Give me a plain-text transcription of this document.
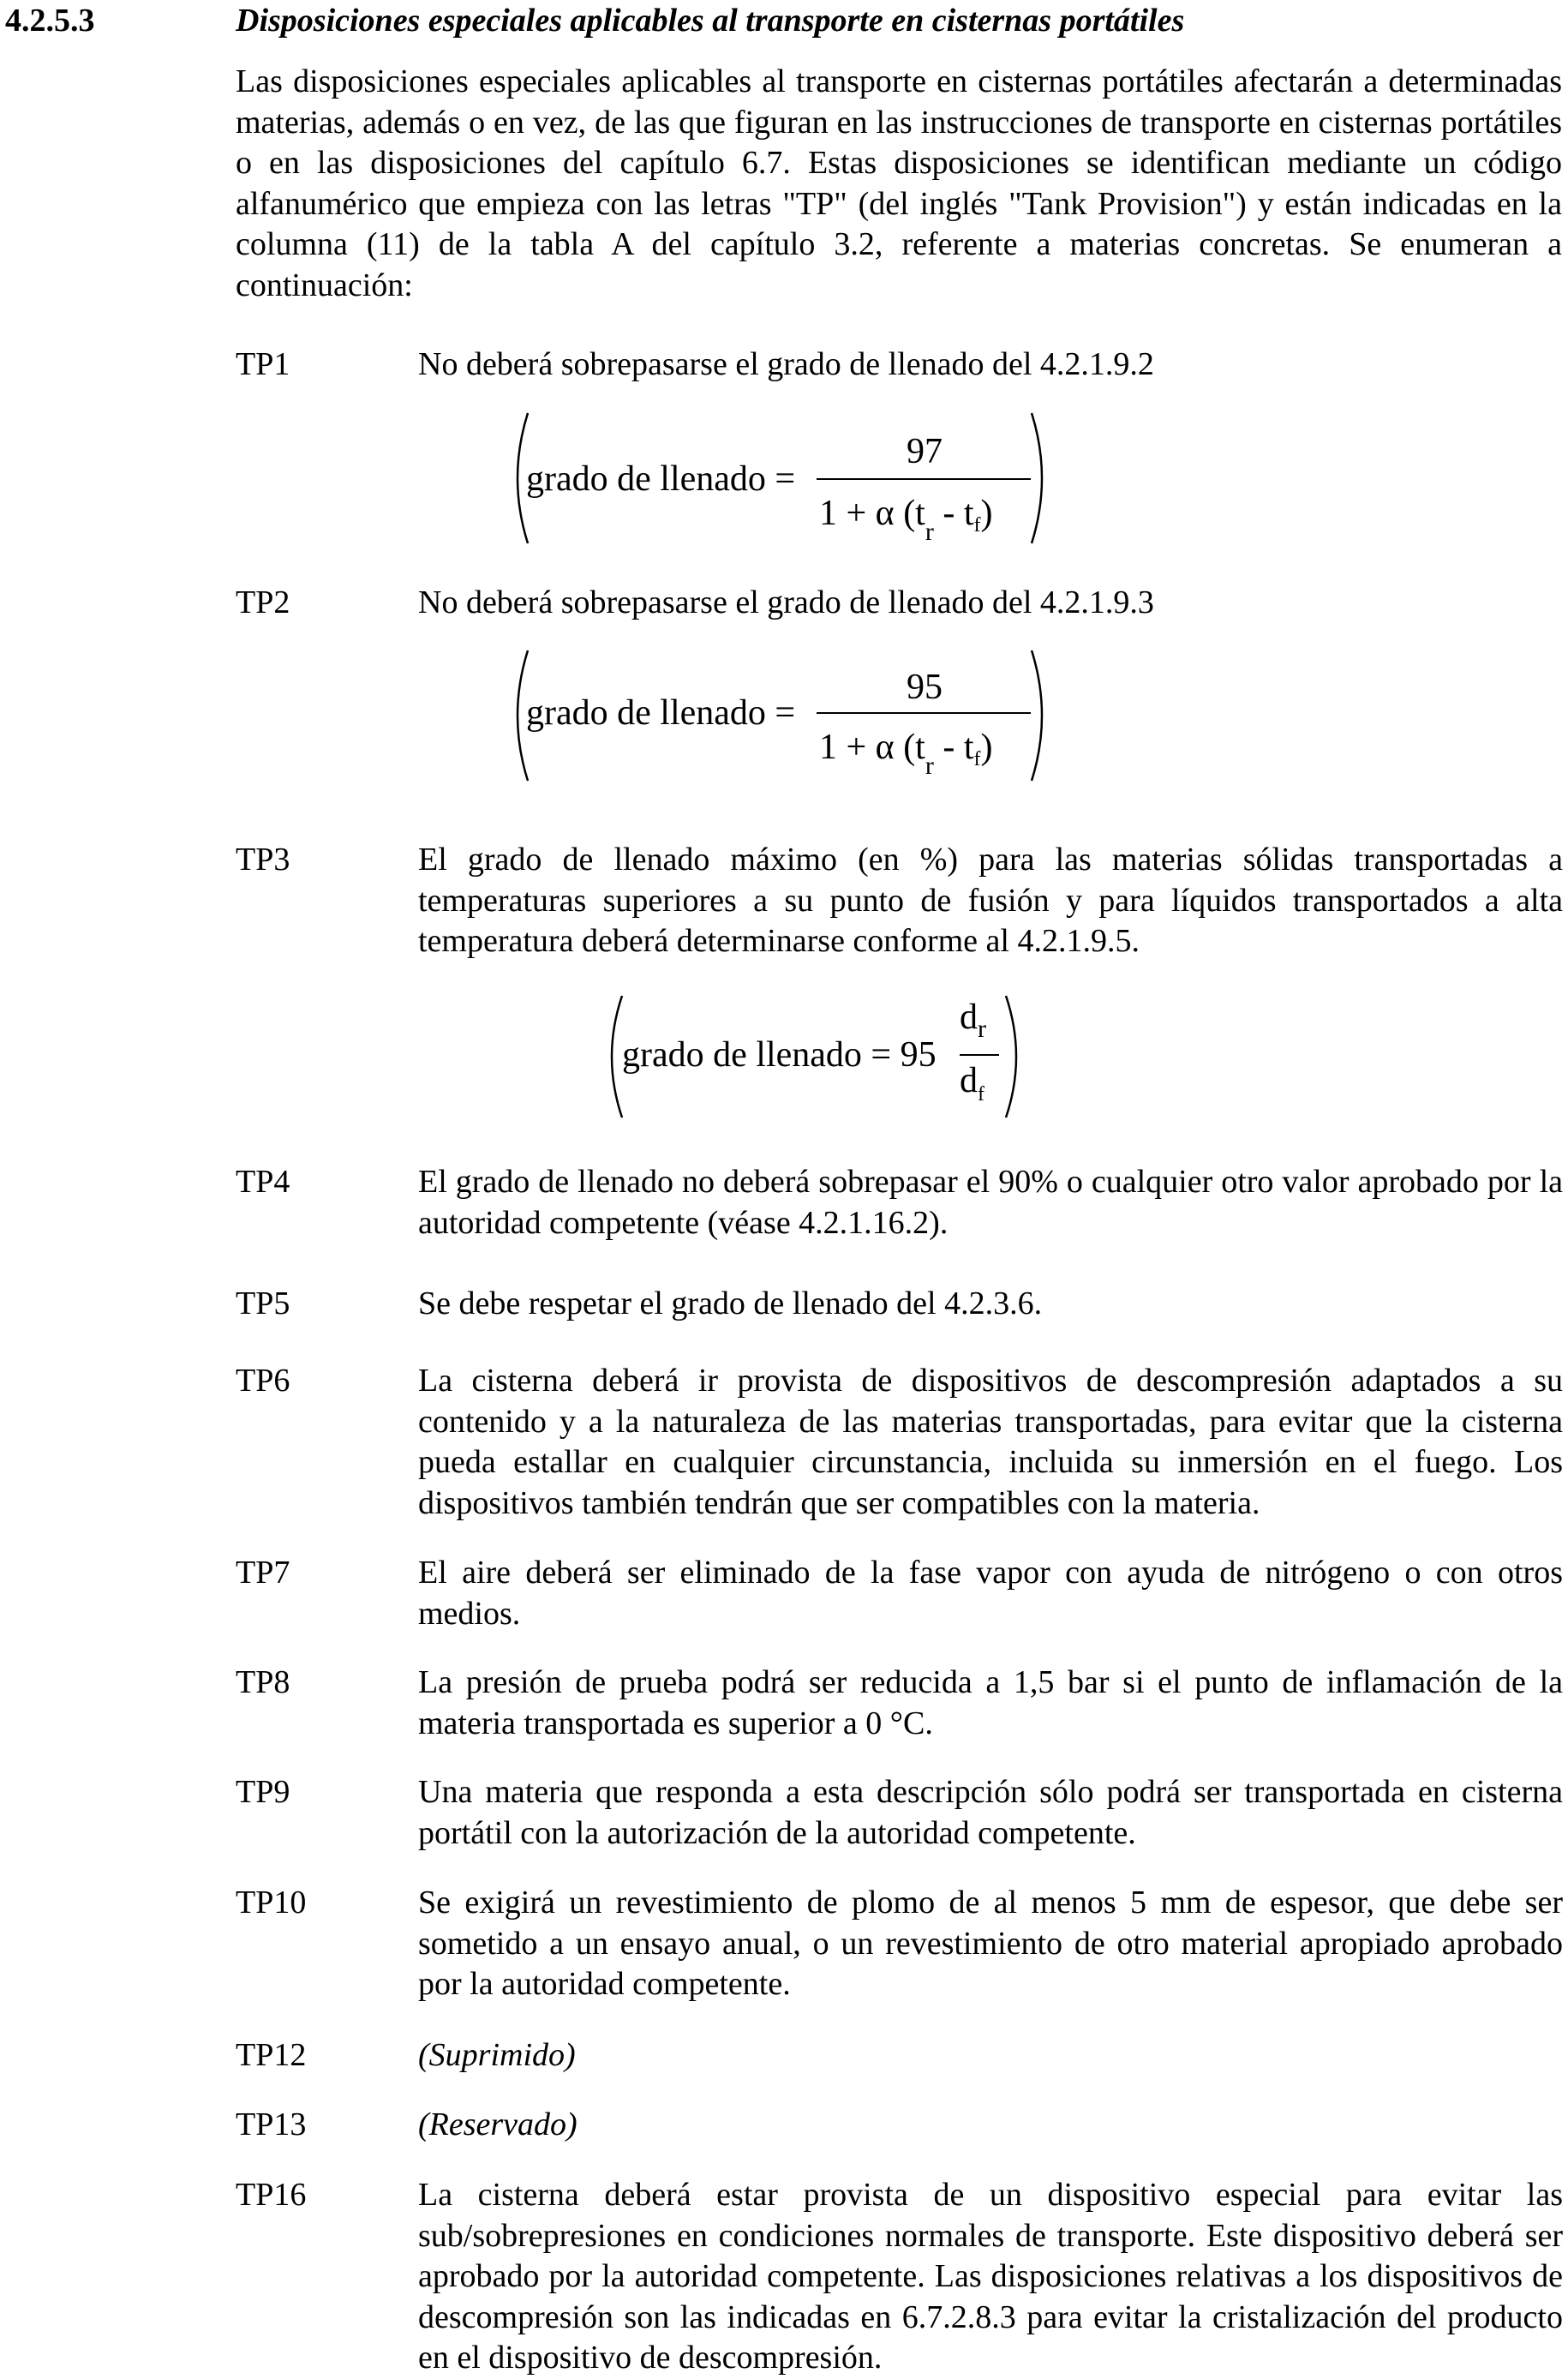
4.2.5.3	Disposiciones especiales aplicables al transporte en cisternas portátiles
Las disposiciones especiales aplicables al transporte en cisternas portátiles afectarán a determinadas materias, además o en vez, de las que figuran en las instrucciones de transporte en cisternas portátiles o en las disposiciones del capítulo 6.7. Estas disposiciones se identifican mediante un código alfanumérico que empieza con las letras "TP" (del inglés "Tank Provision") y están indicadas en la columna (11) de la tabla A del capítulo 3.2, referente a materias concretas. Se enumeran a continuación:
TP1	No deberá sobrepasarse el grado de llenado del 4.2.1.9.2
grado de llenado =
97
1 + α $(t_r - tf)$
TP2	No deberá sobrepasarse el grado de llenado del 4.2.1.9.3
grado de llenado =
95
1 + α $(t_r - tf)$
TP3	El grado de llenado máximo (en %) para las materias sólidas transportadas a temperaturas superiores a su punto de fusión y para líquidos transportados a alta temperatura deberá determinarse conforme al 4.2.1.9.5.
grado de llenado = 95
$d_r$
$d_f$
TP4	El grado de llenado no deberá sobrepasar el 90% o cualquier otro valor aprobado por la autoridad competente (véase 4.2.1.16.2).
TP5	Se debe respetar el grado de llenado del 4.2.3.6.
TP6	La cisterna deberá ir provista de dispositivos de descompresión adaptados a su contenido y a la naturaleza de las materias transportadas, para evitar que la cisterna pueda estallar en cualquier circunstancia, incluida su inmersión en el fuego. Los dispositivos también tendrán que ser compatibles con la materia.
TP7	El aire deberá ser eliminado de la fase vapor con ayuda de nitrógeno o con otros medios.
TP8	La presión de prueba podrá ser reducida a 1,5 bar si el punto de inflamación de la materia transportada es superior a 0 °C.
TP9	Una materia que responda a esta descripción sólo podrá ser transportada en cisterna portátil con la autorización de la autoridad competente.
TP10	Se exigirá un revestimiento de plomo de al menos 5 mm de espesor, que debe ser sometido a un ensayo anual, o un revestimiento de otro material apropiado aprobado por la autoridad competente.
TP12	(Suprimido)
TP13	(Reservado)
TP16	La cisterna deberá estar provista de un dispositivo especial para evitar las sub/sobrepresiones en condiciones normales de transporte. Este dispositivo deberá ser aprobado por la autoridad competente. Las disposiciones relativas a los dispositivos de descompresión son las indicadas en 6.7.2.8.3 para evitar la cristalización del producto en el dispositivo de descompresión.
